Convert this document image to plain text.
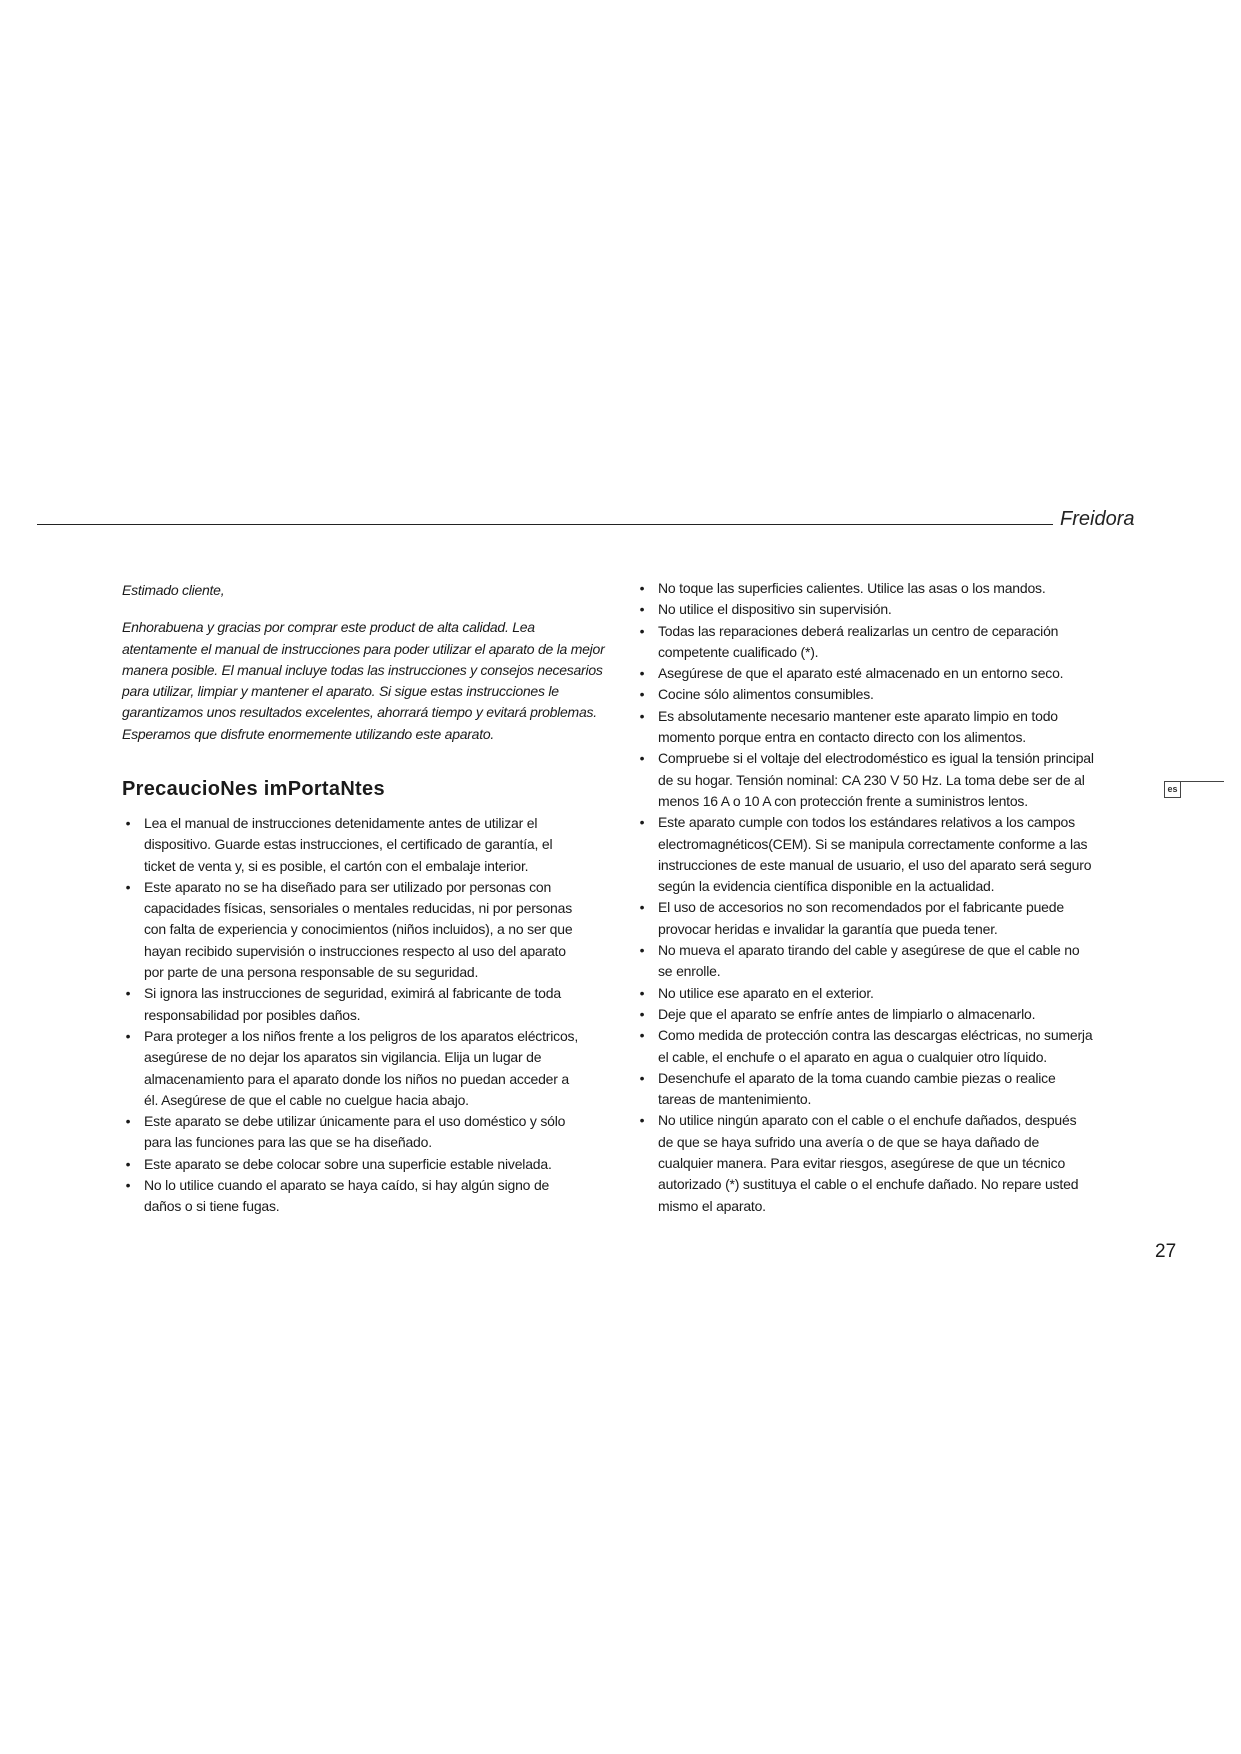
Freidora
es

Estimado cliente,

Enhorabuena y gracias por comprar este product de alta calidad. Lea
atentamente el manual de instrucciones para poder utilizar el aparato de la mejor
manera posible. El manual incluye todas las instrucciones y consejos necesarios
para utilizar, limpiar y mantener el aparato. Si sigue estas instrucciones le
garantizamos unos resultados excelentes, ahorrará tiempo y evitará problemas.
Esperamos que disfrute enormemente utilizando este aparato.
PrecaucioNes imPortaNtes
• Lea el manual de instrucciones detenidamente antes de utilizar el
dispositivo. Guarde estas instrucciones, el certificado de garantía, el
ticket de venta y, si es posible, el cartón con el embalaje interior.
• Este aparato no se ha diseñado para ser utilizado por personas con
capacidades físicas, sensoriales o mentales reducidas, ni por personas
con falta de experiencia y conocimientos (niños incluidos), a no ser que
hayan recibido supervisión o instrucciones respecto al uso del aparato
por parte de una persona responsable de su seguridad.
• Si ignora las instrucciones de seguridad, eximirá al fabricante de toda
responsabilidad por posibles daños.
• Para proteger a los niños frente a los peligros de los aparatos eléctricos,
asegúrese de no dejar los aparatos sin vigilancia. Elija un lugar de
almacenamiento para el aparato donde los niños no puedan acceder a
él. Asegúrese de que el cable no cuelgue hacia abajo.
• Este aparato se debe utilizar únicamente para el uso doméstico y sólo
para las funciones para las que se ha diseñado.
• Este aparato se debe colocar sobre una superficie estable nivelada.
• No lo utilice cuando el aparato se haya caído, si hay algún signo de
daños o si tiene fugas.
• No toque las superficies calientes. Utilice las asas o los mandos.
• No utilice el dispositivo sin supervisión.
• Todas las reparaciones deberá realizarlas un centro de ceparación
competente cualificado (*).
• Asegúrese de que el aparato esté almacenado en un entorno seco.
• Cocine sólo alimentos consumibles.
• Es absolutamente necesario mantener este aparato limpio en todo
momento porque entra en contacto directo con los alimentos.
• Compruebe si el voltaje del electrodoméstico es igual la tensión principal
de su hogar. Tensión nominal: CA 230 V 50 Hz. La toma debe ser de al
menos 16 A o 10 A con protección frente a suministros lentos.
• Este aparato cumple con todos los estándares relativos a los campos
electromagnéticos(CEM). Si se manipula correctamente conforme a las
instrucciones de este manual de usuario, el uso del aparato será seguro
según la evidencia científica disponible en la actualidad.
• El uso de accesorios no son recomendados por el fabricante puede
provocar heridas e invalidar la garantía que pueda tener.
• No mueva el aparato tirando del cable y asegúrese de que el cable no
se enrolle.
• No utilice ese aparato en el exterior.
• Deje que el aparato se enfríe antes de limpiarlo o almacenarlo.
• Como medida de protección contra las descargas eléctricas, no sumerja
el cable, el enchufe o el aparato en agua o cualquier otro líquido.
• Desenchufe el aparato de la toma cuando cambie piezas o realice
tareas de mantenimiento.
• No utilice ningún aparato con el cable o el enchufe dañados, después
de que se haya sufrido una avería o de que se haya dañado de
cualquier manera. Para evitar riesgos, asegúrese de que un técnico
autorizado (*) sustituya el cable o el enchufe dañado. No repare usted
mismo el aparato.
27
